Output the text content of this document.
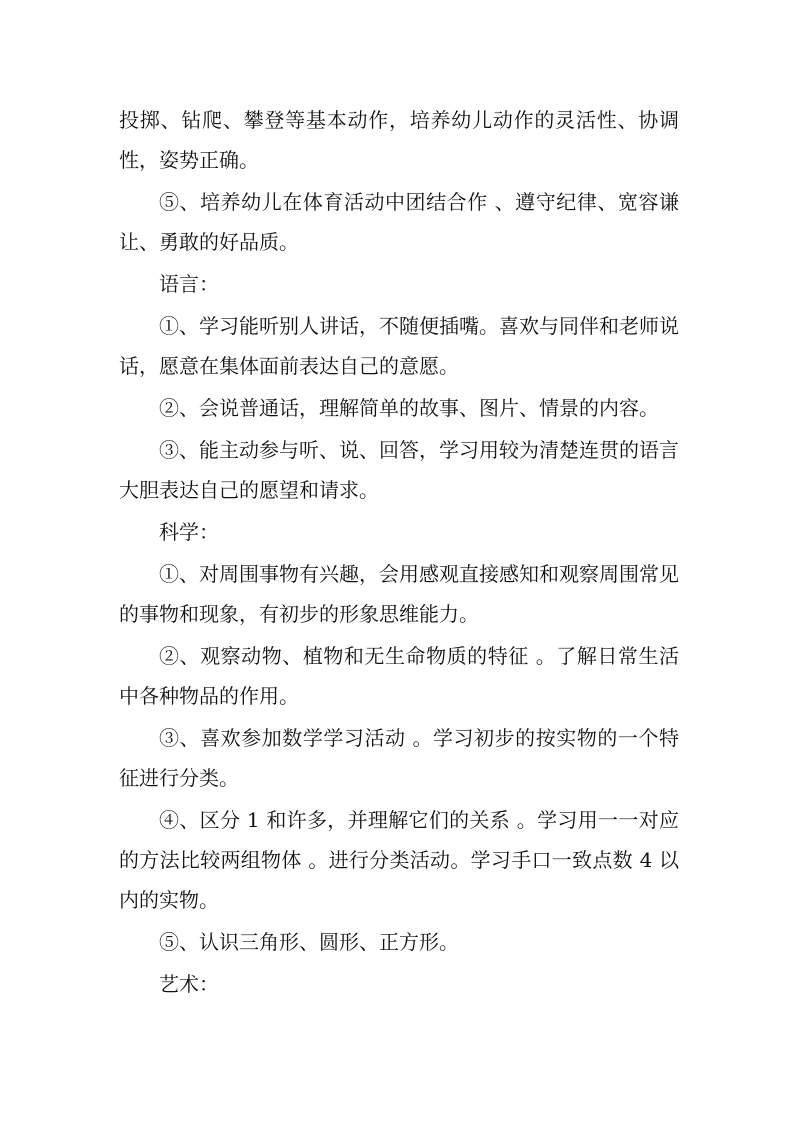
投掷、钻爬、攀登等基本动作，培养幼儿动作的灵活性、协调性，姿势正确。

⑤、培养幼儿在体育活动中团结合作 、遵守纪律、宽容谦让、勇敢的好品质。

语言：

①、学习能听别人讲话，不随便插嘴。喜欢与同伴和老师说话，愿意在集体面前表达自己的意愿。

②、会说普通话，理解简单的故事、图片、情景的内容。

③、能主动参与听、说、回答，学习用较为清楚连贯的语言大胆表达自己的愿望和请求。

科学：

①、对周围事物有兴趣，会用感观直接感知和观察周围常见的事物和现象，有初步的形象思维能力。

②、观察动物、植物和无生命物质的特征 。了解日常生活中各种物品的作用。

③、喜欢参加数学学习活动 。学习初步的按实物的一个特征进行分类。

④、区分 1 和许多，并理解它们的关系 。学习用一一对应的方法比较两组物体 。进行分类活动。学习手口一致点数 4 以内的实物。

⑤、认识三角形、圆形、正方形。

艺术：
